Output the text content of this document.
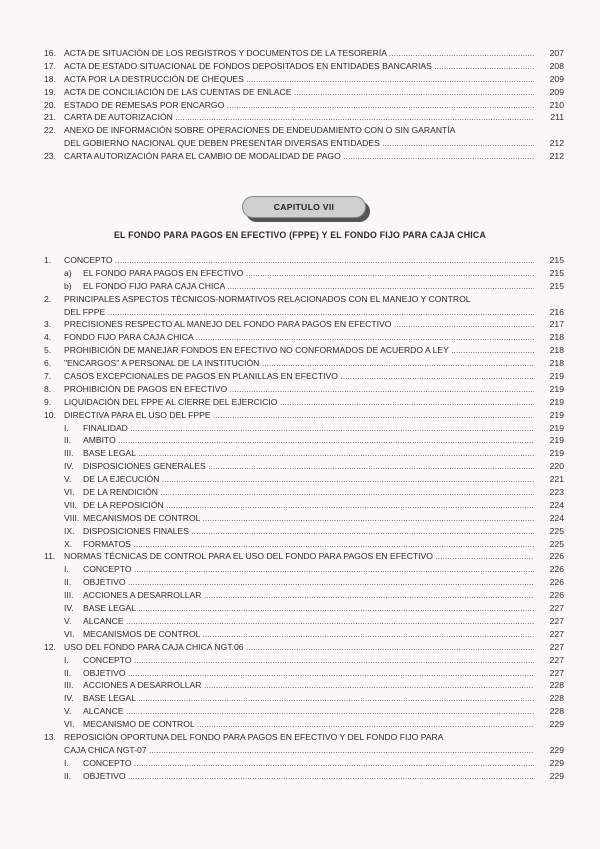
16. ACTA DE SITUACIÓN DE LOS REGISTROS Y DOCUMENTOS DE LA TESORERÍA .....	207
17. ACTA DE ESTADO SITUACIONAL DE FONDOS DEPOSITADOS EN ENTIDADES BANCARIAS .....	208
18. ACTA POR LA DESTRUCCIÓN DE CHEQUES .....	209
19. ACTA DE CONCILIACIÓN DE LAS CUENTAS DE ENLACE .....	209
20. ESTADO DE REMESAS POR ENCARGO .....	210
21. CARTA DE AUTORIZACIÓN .....	211
22. ANEXO DE INFORMACIÓN SOBRE OPERACIONES DE ENDEUDAMIENTO CON O SIN GARANTÍA
DEL GOBIERNO NACIONAL QUE DEBEN PRESENTAR DIVERSAS ENTIDADES .....	212
23. CARTA AUTORIZACIÓN PARA EL CAMBIO DE MODALIDAD DE PAGO .....	212
CAPITULO VII
EL FONDO PARA PAGOS EN EFECTIVO (FPPE) Y EL FONDO FIJO PARA CAJA CHICA
1. CONCEPTO .....	215
a) EL FONDO PARA PAGOS EN EFECTIVO .....	215
b) EL FONDO FIJO PARA CAJA CHICA .....	215
2. PRINCIPALES ASPECTOS TÉCNICOS-NORMATIVOS RELACIONADOS CON EL MANEJO Y CONTROL
DEL FPPE .....	216
3. PRECISIONES RESPECTO AL MANEJO DEL FONDO PARA PAGOS EN EFECTIVO .....	217
4. FONDO FIJO PARA CAJA CHICA .....	218
5. PROHIBICIÓN DE MANEJAR FONDOS EN EFECTIVO NO CONFORMADOS DE ACUERDO A LEY .....	218
6. "ENCARGOS" A PERSONAL DE LA INSTITUCIÓN .....	218
7. CASOS EXCEPCIONALES DE PAGOS EN PLANILLAS EN EFECTIVO .....	219
8. PROHIBICIÓN DE PAGOS EN EFECTIVO .....	219
9. LIQUIDACIÓN DEL FPPE AL CIERRE DEL EJERCICIO .....	219
10. DIRECTIVA PARA EL USO DEL FPPE .....	219
I. FINALIDAD .....	219
II. AMBITO .....	219
III. BASE LEGAL .....	219
IV. DISPOSICIONES GENERALES .....	220
V. DE LA EJECUCIÓN .....	221
VI. DE LA RENDICIÓN .....	223
VII. DE LA REPOSICIÓN .....	224
VIII. MECANISMOS DE CONTROL .....	224
IX. DISPOSICIONES FINALES .....	225
X. FORMATOS .....	225
11. NORMAS TÉCNICAS DE CONTROL PARA EL USO DEL FONDO PARA PAGOS EN EFECTIVO .....	226
I. CONCEPTO .....	226
II. OBJETIVO .....	226
III. ACCIONES A DESARROLLAR .....	226
IV. BASE LEGAL .....	227
V. ALCANCE .....	227
VI. MECANISMOS DE CONTROL .....	227
12. USO DEL FONDO PARA CAJA CHICA NGT.06 .....	227
I. CONCEPTO .....	227
II. OBJETIVO .....	227
III. ACCIONES A DESARROLLAR .....	228
IV. BASE LEGAL .....	228
V. ALCANCE .....	228
VI. MECANISMO DE CONTROL .....	229
13. REPOSICIÓN OPORTUNA DEL FONDO PARA PAGOS EN EFECTIVO Y DEL FONDO FIJO PARA
CAJA CHICA NGT-07 .....	229
I. CONCEPTO .....	229
II. OBJETIVO .....	229
